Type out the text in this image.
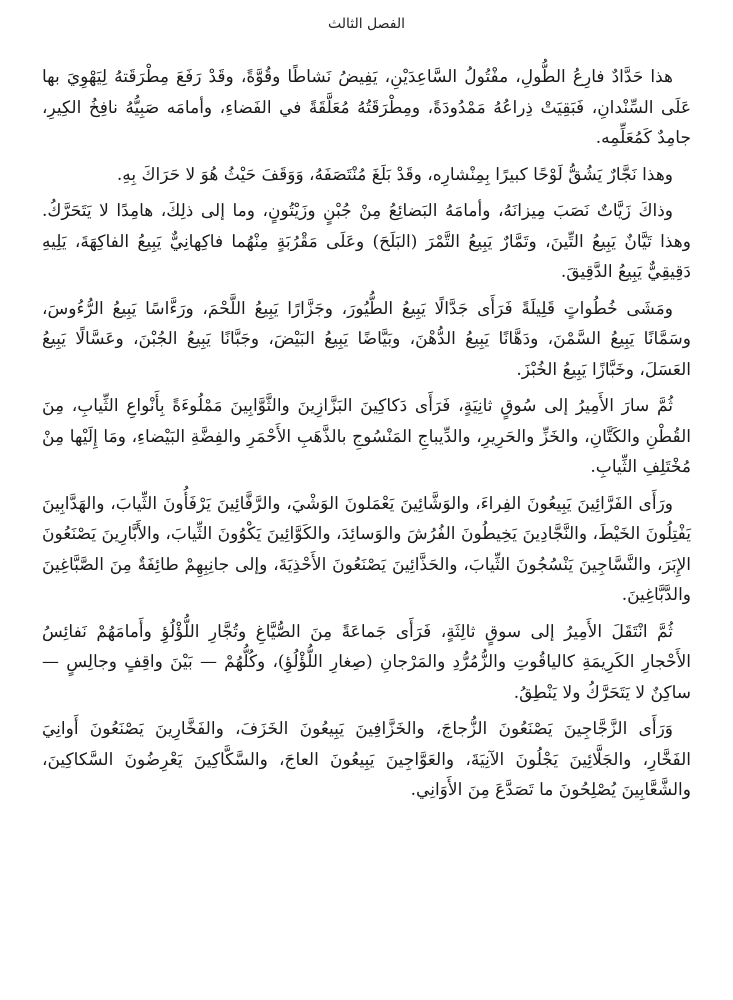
الفصل الثالث

هذا حَدَّادٌ فارِعُ الطُّولِ، مفْتُولُ السَّاعِدَيْنِ، يَفِيضُ نَشاطًا وقُوَّةً، وقَدْ رَفَعَ مِطْرَقَتهُ لِيَهْوِيَ بها عَلَى السِّنْدانِ، فَبَقِيَتْ ذِراعُهُ مَمْدُودَةً، ومِطْرَقَتُهُ مُعَلَّقَةً في الفَضاءِ، وأمامَه صَبِيُّهُ نافِخُ الكِيرِ، جامِدٌ كَمُعَلِّمِه.

وهذا نَجَّارٌ يَشُقُّ لَوْحًا كبيرًا بِمِنْشارِه، وقَدْ بَلَغَ مُنْتَصَفَهُ، وَوَقَفَ حَيْثُ هُوَ لا حَرَاكَ بِهِ.

وذاكَ زَيَّاتٌ نَصَبَ مِيزانَهُ، وأمامَهُ البَضائِعُ مِنْ جُبْنٍ وزَيْتُونٍ، وما إلى ذلِكَ، هامِدًا لا يَتَحَرَّكُ. وهذا تَيَّانٌ يَبِيعُ التِّينَ، وتَمَّارٌ يَبِيعُ التَّمْرَ (البَلَحَ) وعَلَى مَقْرُبَةٍ مِنْهُما فاكِهانِيٌّ يَبِيعُ الفاكِهَةَ، يَلِيهِ دَقِيقِيٌّ يَبِيعُ الدَّقِيقَ.

ومَشَى خُطُواتٍ قَلِيلَةً فَرَأَى جَدَّالًا يَبِيعُ الطُّيُورَ، وجَزَّارًا يَبِيعُ اللَّحْمَ، ورَءَّاسًا يَبِيعُ الرُّءُوسَ، وسَمَّانًا يَبِيعُ السَّمْنَ، ودَهَّانًا يَبِيعُ الدُّهْنَ، وبَيَّاضًا يَبِيعُ البَيْضَ، وجَبَّانًا يَبِيعُ الجُبْنَ، وعَسَّالًا يَبِيعُ العَسَلَ، وخَبَّازًا يَبِيعُ الخُبْزَ.

ثُمَّ سارَ الأَمِيرُ إلى سُوقٍ ثانِيَةٍ، فَرَأَى دَكاكِينَ البَزَّازِينَ والثَّوَّابِينَ مَمْلُوءَةً بِأَنْواعِ الثِّيابِ، مِنَ القُطْنِ والكَتَّانِ، والخَزِّ والحَرِيرِ، والدِّيباجِ المَنْسُوجِ بالذَّهَبِ الأَحْمَرِ والفِضَّةِ البَيْضاءِ، ومَا إِلَيْها مِنْ مُخْتَلِفِ الثِّيابِ.

ورَأَى الفَرَّائِينَ يَبِيعُونَ الفِراءَ، والوَشَّائِينَ يَعْمَلونَ الوَشْيَ، والرَّفَّائِينَ يَرْفَأُونَ الثِّيابَ، والهَدَّابِينَ يَفْتِلُونَ الخَيْطَ، والنَّجَّادِينَ يَخِيطُونَ الفُرُشَ والوَسائِدَ، والكَوَّائِينَ يَكْوُونَ الثِّيابَ، والأَبَّارِينَ يَصْنَعُونَ الإِبَرَ، والنَّسَّاجِينَ يَنْسُجُونَ الثِّيابَ، والحَذَّائِينَ يَصْنَعُونَ الأَحْذِيَةَ، وإلى جانِبِهِمْ طائِفَةٌ مِنَ الصَّبَّاغِينَ والدَّبَّاغِينَ.

ثُمَّ انْتَقَلَ الأَمِيرُ إلى سوقٍ ثالِثَةٍ، فَرَأَى جَماعَةً مِنَ الصُّيَّاغِ وتُجَّارِ اللُّؤْلُؤِ وأَمامَهُمْ نَفائِسُ الأَحْجارِ الكَرِيمَةِ كالياقُوتِ والزُّمُرُّدِ والمَرْجانِ (صِغارِ اللُّؤْلُؤِ)، وكُلُّهُمْ — بَيْنَ واقِفٍ وجالِسٍ — ساكِنٌ لا يَتَحَرَّكُ ولا يَنْطِقُ.

وَرَأَى الزَّجَّاجِينَ يَصْنَعُونَ الزُّجاجَ، والخَزَّافِينَ يَبِيعُونَ الخَزَفَ، والفَخَّارِينَ يَصْنَعُونَ أَوانِيَ الفَخَّارِ، والجَلَّائِينَ يَجْلُونَ الآنِيَةَ، والعَوَّاجِينَ يَبِيعُونَ العاجَ، والسَّكَّاكِينَ يَعْرِضُونَ السَّكاكِينَ، والشَّعَّابِينَ يُصْلِحُونَ ما تَصَدَّعَ مِنَ الأَوَانِي.
